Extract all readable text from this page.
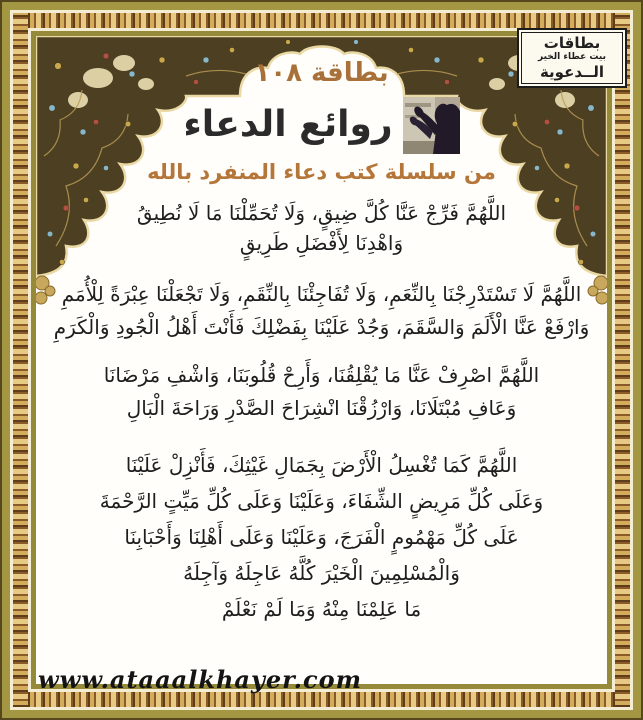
بطاقات
بيت عطاء الخير
الــدعوية
بطاقة ١٠٨
روائع الدعاء
من سلسلة كتب دعاء المنفرد بالله
اللَّهُمَّ فَرِّجْ عَنَّا كُلَّ ضِيقٍ، وَلَا تُحَمِّلْنَا مَا لَا نُطِيقُ
وَاهْدِنَا لِأَفْضَلِ طَرِيقٍ
اللَّهُمَّ لَا تَسْتَدْرِجْنَا بِالنِّعَمِ، وَلَا تُفَاجِئْنَا بِالنِّقَمِ، وَلَا تَجْعَلْنَا عِبْرَةً لِلْأُمَمِ
وَارْفَعْ عَنَّا الْأَلَمَ وَالسَّقَمَ، وَجُدْ عَلَيْنَا بِفَضْلِكَ فَأَنْتَ أَهْلُ الْجُودِ وَالْكَرَمِ
اللَّهُمَّ اصْرِفْ عَنَّا مَا يُقْلِقُنَا، وَأَرِحْ قُلُوبَنَا، وَاشْفِ مَرْضَانَا
وَعَافِ مُبْتَلَانَا، وَارْزُقْنَا انْشِرَاحَ الصَّدْرِ وَرَاحَةَ الْبَالِ
اللَّهُمَّ كَمَا تُغْسِلُ الْأَرْضَ بِجَمَالِ غَيْثِكَ، فَأَنْزِلْ عَلَيْنَا
وَعَلَى كُلِّ مَرِيضٍ الشِّفَاءَ، وَعَلَيْنَا وَعَلَى كُلِّ مَيِّتٍ الرَّحْمَةَ
عَلَى كُلِّ مَهْمُومٍ الْفَرَجَ، وَعَلَيْنَا وَعَلَى أَهْلِنَا وَأَحْبَابِنَا
وَالْمُسْلِمِينَ الْخَيْرَ كُلَّهُ عَاجِلَهُ وَآجِلَهُ
مَا عَلِمْنَا مِنْهُ وَمَا لَمْ نَعْلَمْ
www.ataaalkhayer.com
